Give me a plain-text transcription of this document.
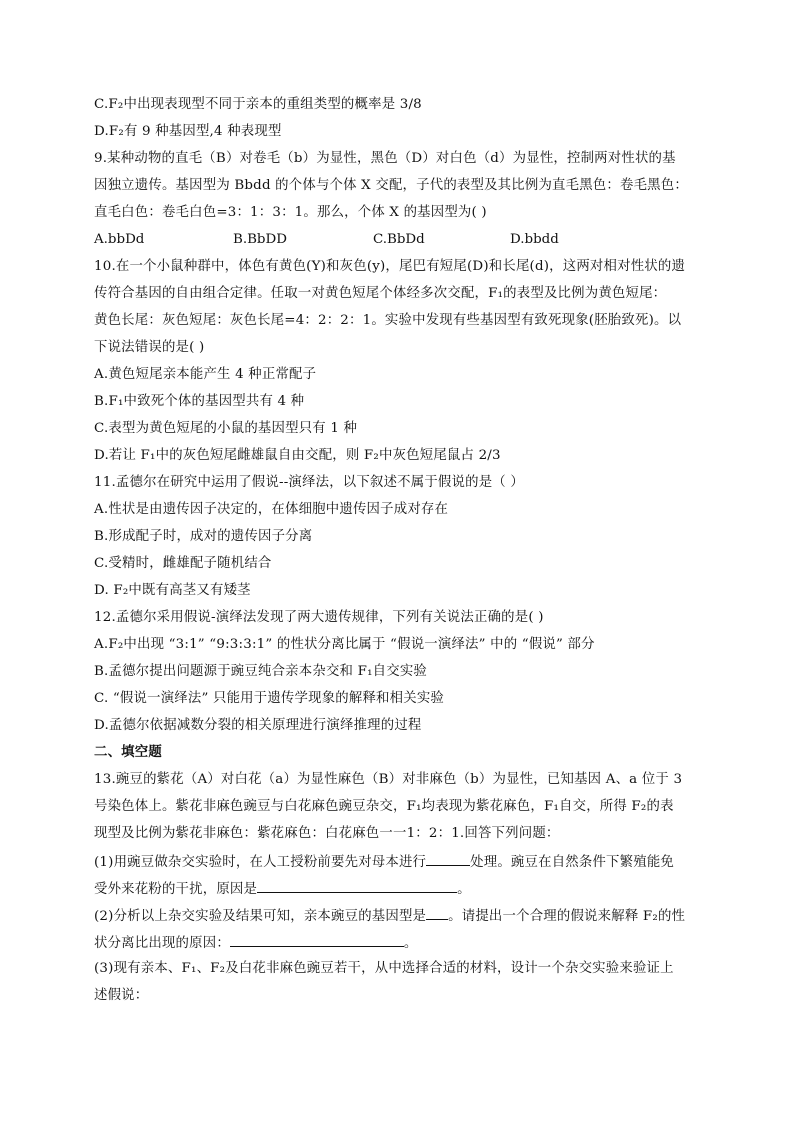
C.F₂中出现表现型不同于亲本的重组类型的概率是 3/8
D.F₂有 9 种基因型,4 种表现型
9.某种动物的直毛（B）对卷毛（b）为显性，黑色（D）对白色（d）为显性，控制两对性状的基
因独立遗传。基因型为 Bbdd 的个体与个体 X 交配，子代的表型及其比例为直毛黑色：卷毛黑色：
直毛白色：卷毛白色=3：1：3：1。那么，个体 X 的基因型为( )
A.bbDd	B.BbDD	C.BbDd	D.bbdd
10.在一个小鼠种群中，体色有黄色(Y)和灰色(y)，尾巴有短尾(D)和长尾(d)，这两对相对性状的遗
传符合基因的自由组合定律。任取一对黄色短尾个体经多次交配，F₁的表型及比例为黄色短尾：
黄色长尾：灰色短尾：灰色长尾=4：2：2：1。实验中发现有些基因型有致死现象(胚胎致死)。以
下说法错误的是( )
A.黄色短尾亲本能产生 4 种正常配子
B.F₁中致死个体的基因型共有 4 种
C.表型为黄色短尾的小鼠的基因型只有 1 种
D.若让 F₁中的灰色短尾雌雄鼠自由交配，则 F₂中灰色短尾鼠占 2/3
11.孟德尔在研究中运用了假说--演绎法，以下叙述不属于假说的是（ ）
A.性状是由遗传因子决定的，在体细胞中遗传因子成对存在
B.形成配子时，成对的遗传因子分离
C.受精时，雌雄配子随机结合
D. F₂中既有高茎又有矮茎
12.孟德尔采用假说-演绎法发现了两大遗传规律，下列有关说法正确的是( )
A.F₂中出现 “3:1” “9:3:3:1” 的性状分离比属于 “假说一演绎法” 中的 “假说” 部分
B.孟德尔提出问题源于豌豆纯合亲本杂交和 F₁自交实验
C. “假说一演绎法” 只能用于遗传学现象的解释和相关实验
D.孟德尔依据减数分裂的相关原理进行演绎推理的过程
二、填空题
13.豌豆的紫花（A）对白花（a）为显性麻色（B）对非麻色（b）为显性，已知基因 A、a 位于 3
号染色体上。紫花非麻色豌豆与白花麻色豌豆杂交，F₁均表现为紫花麻色，F₁自交，所得 F₂的表
现型及比例为紫花非麻色：紫花麻色：白花麻色一一1：2：1.回答下列问题：
(1)用豌豆做杂交实验时，在人工授粉前要先对母本进行	处理。豌豆在自然条件下繁殖能免
受外来花粉的干扰，原因是	。
(2)分析以上杂交实验及结果可知，亲本豌豆的基因型是 。请提出一个合理的假说来解释 F₂的性
状分离比出现的原因：	。
(3)现有亲本、F₁、F₂及白花非麻色豌豆若干，从中选择合适的材料，设计一个杂交实验来验证上
述假说：
